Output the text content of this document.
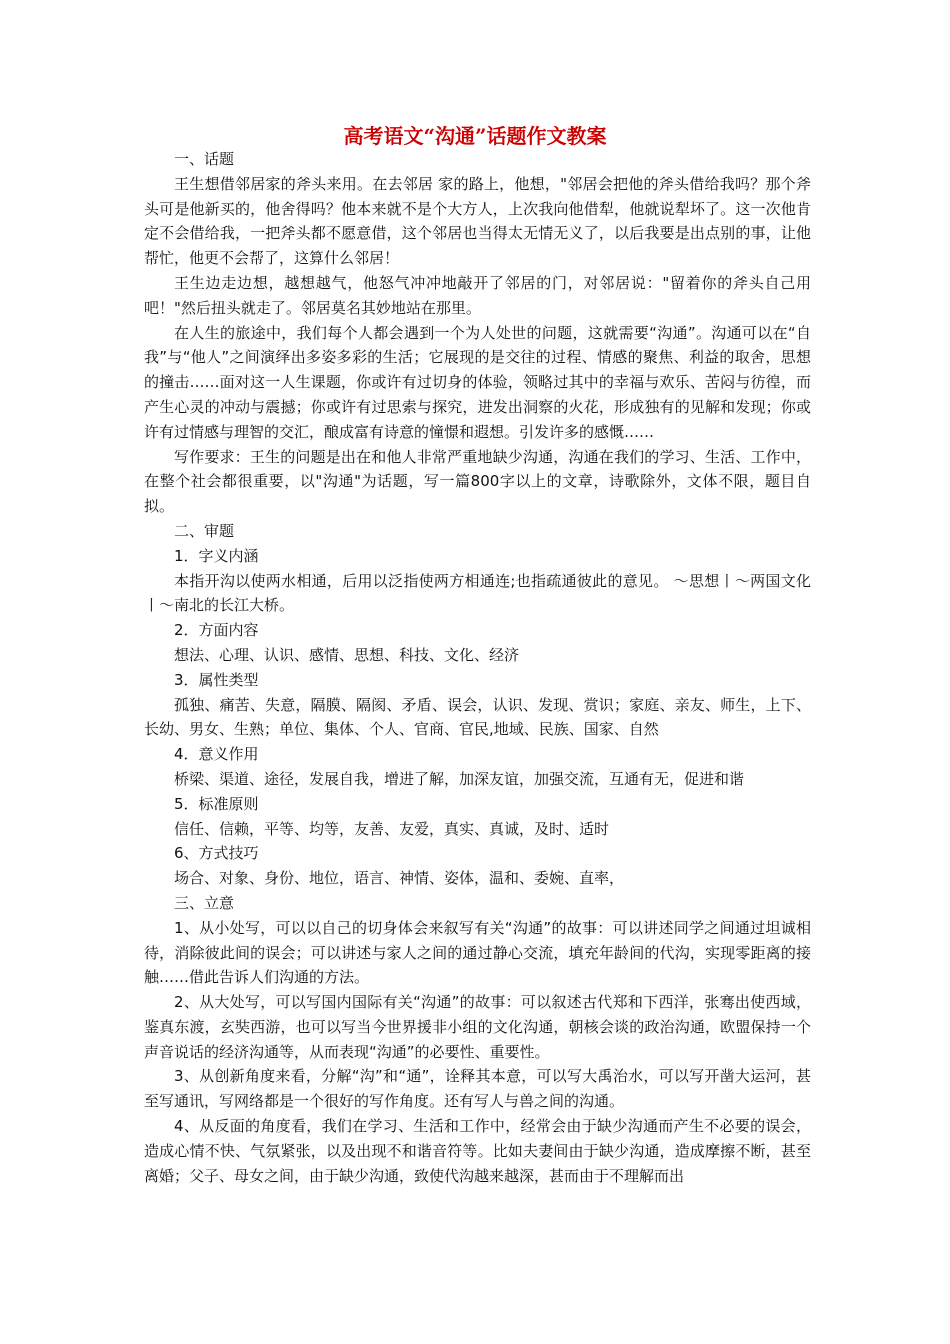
高考语文“沟通”话题作文教案

一、话题

王生想借邻居家的斧头来用。在去邻居 家的路上，他想，"邻居会把他的斧头借给我吗？那个斧头可是他新买的，他舍得吗？他本来就不是个大方人，上次我向他借犁，他就说犁坏了。这一次他肯定不会借给我，一把斧头都不愿意借，这个邻居也当得太无情无义了，以后我要是出点别的事，让他帮忙，他更不会帮了，这算什么邻居！

王生边走边想，越想越气，他怒气冲冲地敲开了邻居的门，对邻居说："留着你的斧头自己用吧！"然后扭头就走了。邻居莫名其妙地站在那里。

在人生的旅途中，我们每个人都会遇到一个为人处世的问题，这就需要“沟通”。沟通可以在“自我”与“他人”之间演绎出多姿多彩的生活；它展现的是交往的过程、情感的聚焦、利益的取舍，思想的撞击……面对这一人生课题，你或许有过切身的体验，领略过其中的幸福与欢乐、苦闷与彷徨，而产生心灵的冲动与震撼；你或许有过思索与探究，进发出洞察的火花，形成独有的见解和发现；你或许有过情感与理智的交汇，酿成富有诗意的憧憬和遐想。引发许多的感慨……

写作要求：王生的问题是出在和他人非常严重地缺少沟通，沟通在我们的学习、生活、工作中，在整个社会都很重要，以"沟通"为话题，写一篇800字以上的文章，诗歌除外，文体不限，题目自拟。

二、审题

1．字义内涵

本指开沟以使两水相通，后用以泛指使两方相通连;也指疏通彼此的意见。 ～思想丨～两国文化丨～南北的长江大桥。

2．方面内容

想法、心理、认识、感情、思想、科技、文化、经济

3．属性类型

孤独、痛苦、失意，隔膜、隔阂、矛盾、误会，认识、发现、赏识；家庭、亲友、师生，上下、长幼、男女、生熟；单位、集体、个人、官商、官民,地域、民族、国家、自然

4．意义作用

桥梁、渠道、途径，发展自我，增进了解，加深友谊，加强交流，互通有无，促进和谐

5．标准原则

信任、信赖，平等、均等，友善、友爱，真实、真诚，及时、适时

6、方式技巧

场合、对象、身份、地位，语言、神情、姿体，温和、委婉、直率，

三、立意

1、从小处写，可以以自己的切身体会来叙写有关“沟通”的故事：可以讲述同学之间通过坦诚相待，消除彼此间的误会；可以讲述与家人之间的通过静心交流，填充年龄间的代沟，实现零距离的接触……借此告诉人们沟通的方法。

2、从大处写，可以写国内国际有关“沟通”的故事：可以叙述古代郑和下西洋，张骞出使西域，鉴真东渡，玄奘西游，也可以写当今世界援非小组的文化沟通，朝核会谈的政治沟通，欧盟保持一个声音说话的经济沟通等，从而表现“沟通”的必要性、重要性。

3、从创新角度来看，分解“沟”和“通”，诠释其本意，可以写大禹治水，可以写开凿大运河，甚至写通讯，写网络都是一个很好的写作角度。还有写人与兽之间的沟通。

4、从反面的角度看，我们在学习、生活和工作中，经常会由于缺少沟通而产生不必要的误会，造成心情不快、气氛紧张，以及出现不和谐音符等。比如夫妻间由于缺少沟通，造成摩擦不断，甚至离婚；父子、母女之间，由于缺少沟通，致使代沟越来越深，甚而由于不理解而出
